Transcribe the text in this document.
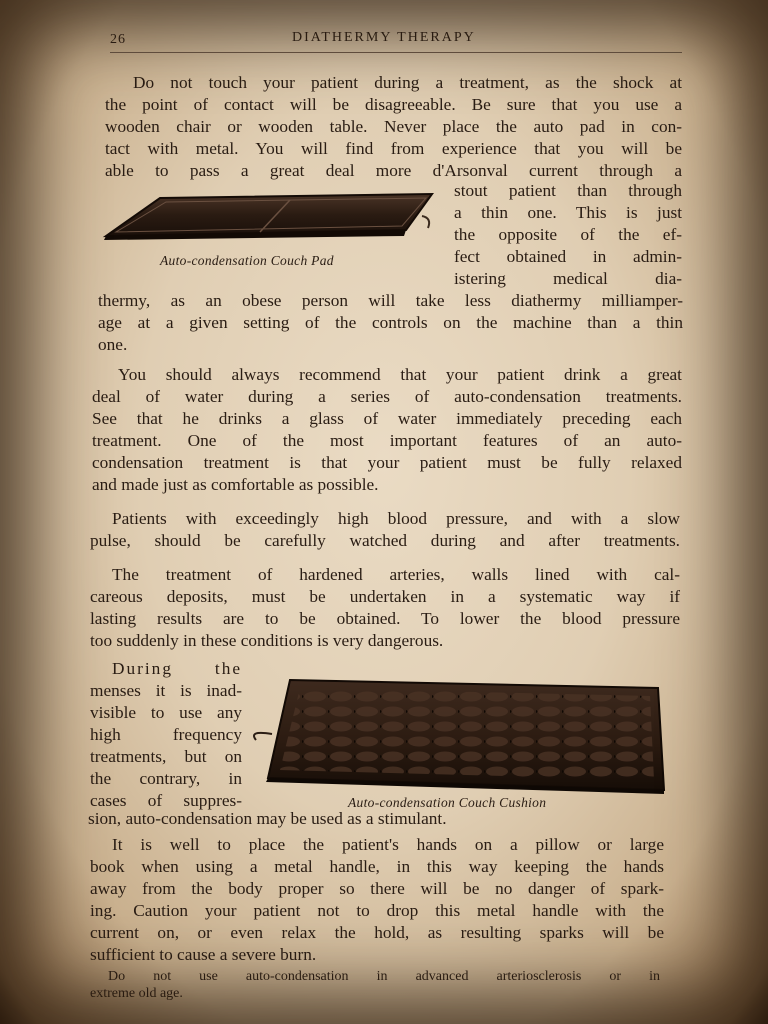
26	DIATHERMY THERAPY

Do not touch your patient during a treatment, as the shock at
the point of contact will be disagreeable. Be sure that you use a
wooden chair or wooden table. Never place the auto pad in con-
tact with metal. You will find from experience that you will be
able to pass a great deal more d'Arsonval current through a

stout patient than through
a thin one. This is just
the opposite of the ef-
fect obtained in admin-
istering medical dia-

Auto-condensation Couch Pad

thermy, as an obese person will take less diathermy milliamper-
age at a given setting of the controls on the machine than a thin
one.

You should always recommend that your patient drink a great
deal of water during a series of auto-condensation treatments.
See that he drinks a glass of water immediately preceding each
treatment. One of the most important features of an auto-
condensation treatment is that your patient must be fully relaxed
and made just as comfortable as possible.

Patients with exceedingly high blood pressure, and with a slow
pulse, should be carefully watched during and after treatments.

The treatment of hardened arteries, walls lined with cal-
careous deposits, must be undertaken in a systematic way if
lasting results are to be obtained. To lower the blood pressure
too suddenly in these conditions is very dangerous.

During the
menses it is inad-
visible to use any
high frequency
treatments, but on
the contrary, in
cases of suppres-	Auto-condensation Couch Cushion

sion, auto-condensation may be used as a stimulant.

It is well to place the patient's hands on a pillow or large
book when using a metal handle, in this way keeping the hands
away from the body proper so there will be no danger of spark-
ing. Caution your patient not to drop this metal handle with the
current on, or even relax the hold, as resulting sparks will be
sufficient to cause a severe burn.

Do not use auto-condensation in advanced arteriosclerosis or in
extreme old age.
